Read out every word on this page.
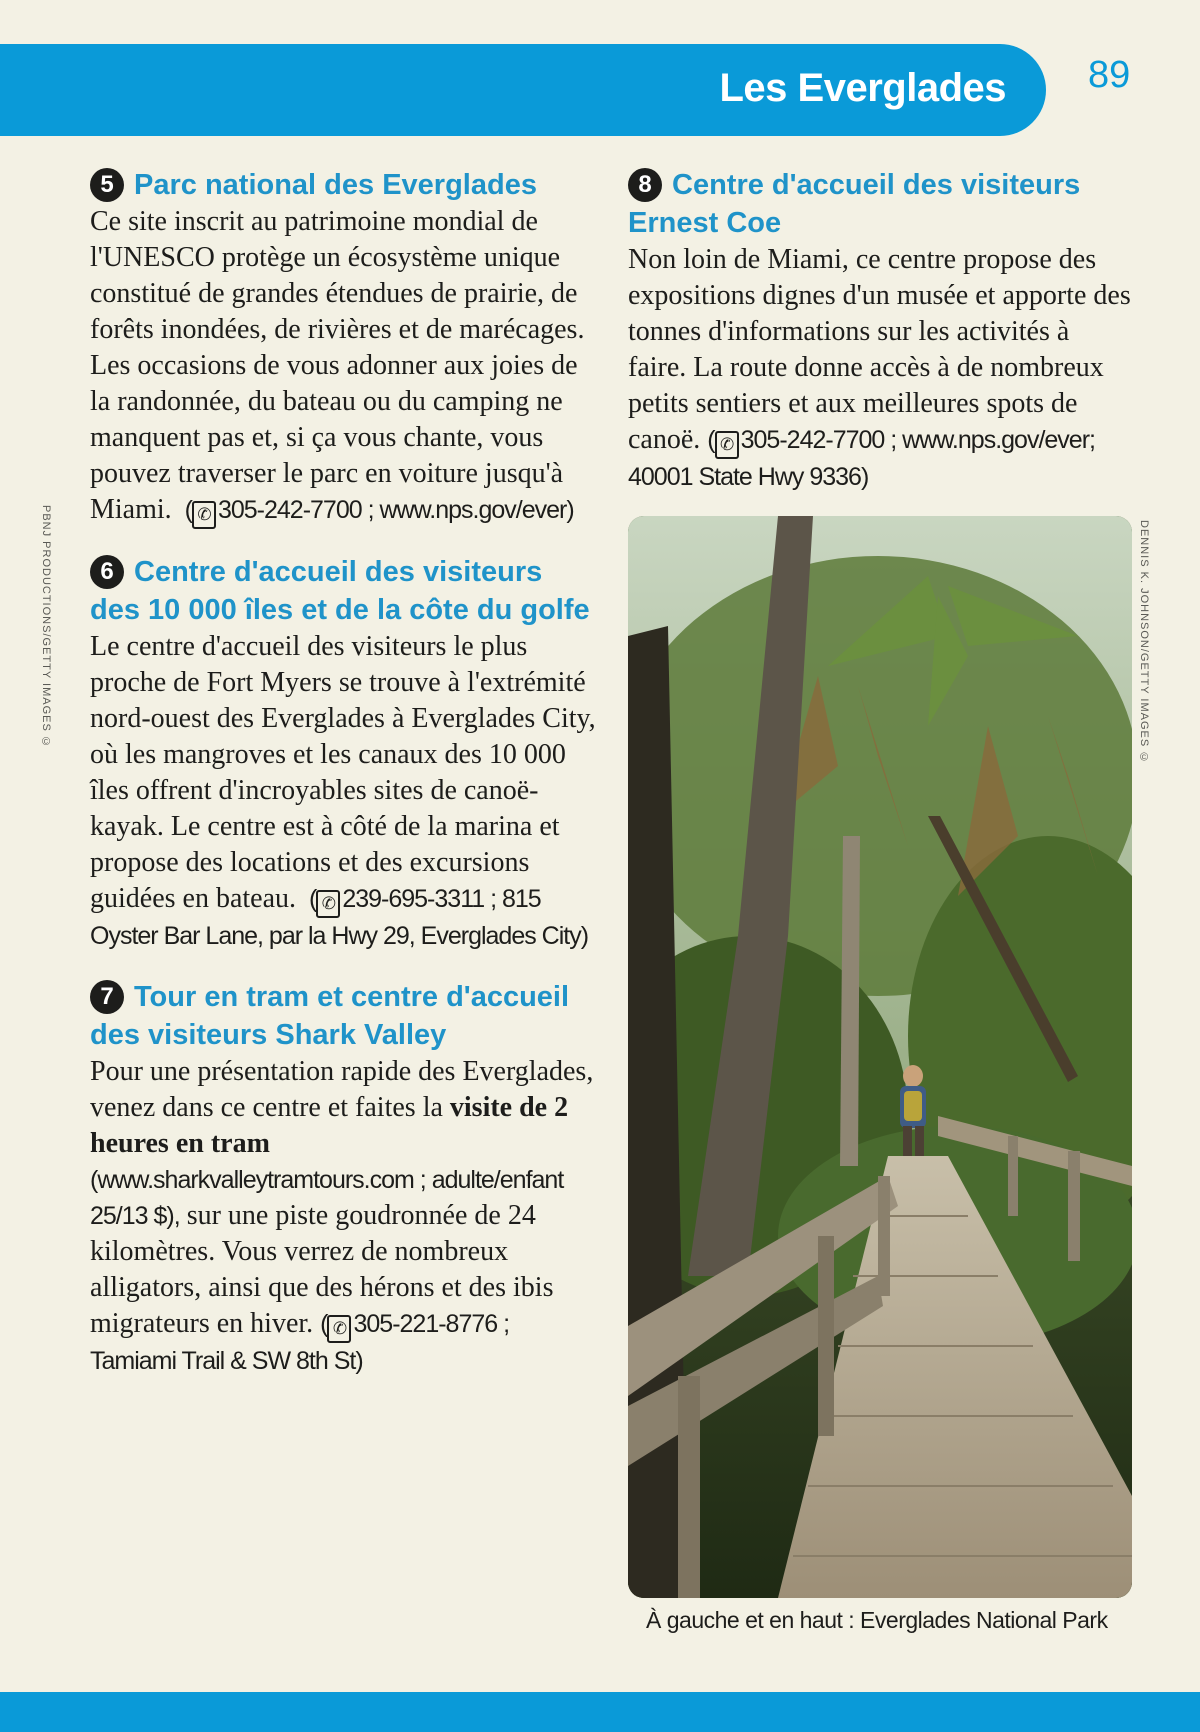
Les Everglades 89
PBNJ PRODUCTIONS/GETTY IMAGES ©	DENNIS K. JOHNSON/GETTY IMAGES ©

5 Parc national des Everglades

Ce site inscrit au patrimoine mondial de l'UNESCO protège un écosystème unique constitué de grandes étendues de prairie, de forêts inondées, de rivières et de marécages. Les occasions de vous adonner aux joies de la randonnée, du bateau ou du camping ne manquent pas et, si ça vous chante, vous pouvez traverser le parc en voiture jusqu'à Miami.  ( ✆ 305-242-7700 ; www.nps.gov/ever)

6 Centre d'accueil des visiteurs des 10 000 îles et de la côte du golfe

Le centre d'accueil des visiteurs le plus proche de Fort Myers se trouve à l'extrémité nord-ouest des Everglades à Everglades City, où les mangroves et les canaux des 10 000 îles offrent d'incroyables sites de canoë-kayak. Le centre est à côté de la marina et propose des locations et des excursions guidées en bateau.  ( ✆ 239-695-3311 ; 815 Oyster Bar Lane, par la Hwy 29, Everglades City)

7 Tour en tram et centre d'accueil des visiteurs Shark Valley

Pour une présentation rapide des Everglades, venez dans ce centre et faites la visite de 2 heures en tram (www.sharkvalleytramtours.com ; adulte/enfant 25/13 $), sur une piste goudronnée de 24 kilomètres. Vous verrez de nombreux alligators, ainsi que des hérons et des ibis migrateurs en hiver. ( ✆ 305-221-8776 ; Tamiami Trail & SW 8th St)

8 Centre d'accueil des visiteurs Ernest Coe

Non loin de Miami, ce centre propose des expositions dignes d'un musée et apporte des tonnes d'informations sur les activités à faire. La route donne accès à de nombreux petits sentiers et aux meilleures spots de canoë. ( ✆ 305-242-7700 ; www.nps.gov/ever; 40001 State Hwy 9336)

À gauche et en haut : Everglades National Park
